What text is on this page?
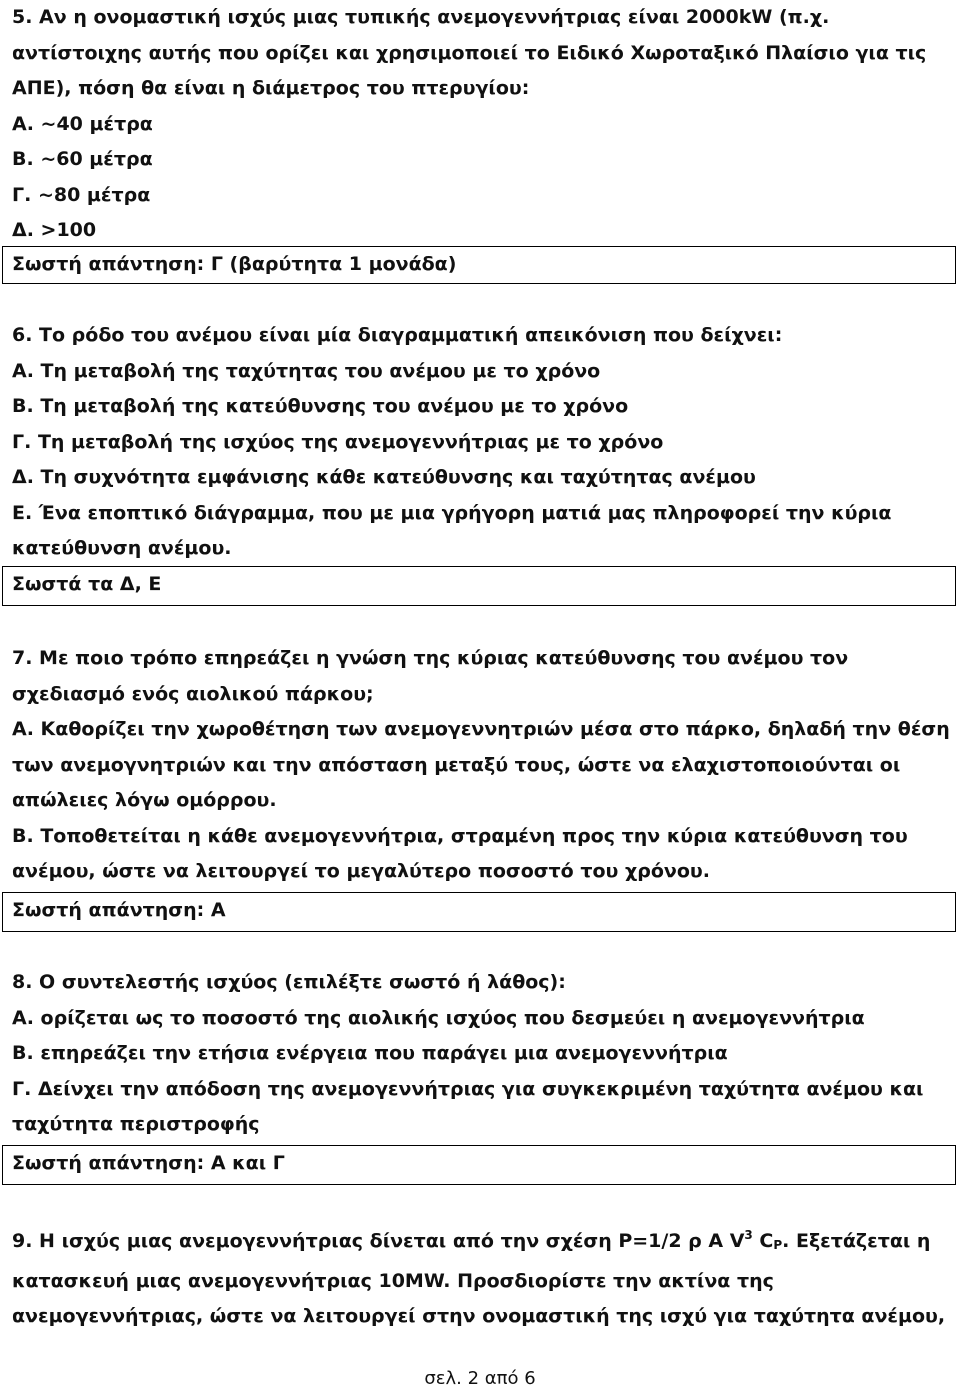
5. Αν η ονομαστική ισχύς μιας τυπικής ανεμογεννήτριας είναι 2000kW (π.χ.
αντίστοιχης αυτής που ορίζει και χρησιμοποιεί το Ειδικό Χωροταξικό Πλαίσιο για τις
ΑΠΕ), πόση θα είναι η διάμετρος του πτερυγίου:
Α. ~40 μέτρα
Β. ~60 μέτρα
Γ. ~80 μέτρα
Δ. >100
Σωστή απάντηση: Γ (βαρύτητα 1 μονάδα)
6. Το ρόδο του ανέμου είναι μία διαγραμματική απεικόνιση που δείχνει:
Α. Τη μεταβολή της ταχύτητας του ανέμου με το χρόνο
Β. Τη μεταβολή της κατεύθυνσης του ανέμου με το χρόνο
Γ. Τη μεταβολή της ισχύος της ανεμογεννήτριας με το χρόνο
Δ. Τη συχνότητα εμφάνισης κάθε κατεύθυνσης και ταχύτητας ανέμου
Ε. Ένα εποπτικό διάγραμμα, που με μια γρήγορη ματιά μας πληροφορεί την κύρια
κατεύθυνση ανέμου.
Σωστά τα Δ, Ε
7. Με ποιο τρόπο επηρεάζει η γνώση της κύριας κατεύθυνσης του ανέμου τον
σχεδιασμό ενός αιολικού πάρκου;
Α. Καθορίζει την χωροθέτηση των ανεμογεννητριών μέσα στο πάρκο, δηλαδή την θέση
των ανεμογνητριών και την απόσταση μεταξύ τους, ώστε να ελαχιστοποιούνται οι
απώλειες λόγω ομόρρου.
Β. Τοποθετείται η κάθε ανεμογεννήτρια, στραμένη προς την κύρια κατεύθυνση του
ανέμου, ώστε να λειτουργεί το μεγαλύτερο ποσοστό του χρόνου.
Σωστή απάντηση: Α
8. Ο συντελεστής ισχύος (επιλέξτε σωστό ή λάθος):
Α. ορίζεται ως το ποσοστό της αιολικής ισχύος που δεσμεύει η ανεμογεννήτρια
Β. επηρεάζει την ετήσια ενέργεια που παράγει μια ανεμογεννήτρια
Γ. Δείνχει την απόδοση της ανεμογεννήτριας για συγκεκριμένη ταχύτητα ανέμου και
ταχύτητα περιστροφής
Σωστή απάντηση: Α και Γ
9. Η ισχύς μιας ανεμογεννήτριας δίνεται από την σχέση P=1/2 ρ A $V^3$ CP. Εξετάζεται η
κατασκευή μιας ανεμογεννήτριας 10MW. Προσδιορίστε την ακτίνα της
ανεμογεννήτριας, ώστε να λειτουργεί στην ονομαστική της ισχύ για ταχύτητα ανέμου,
σελ. 2 από 6
